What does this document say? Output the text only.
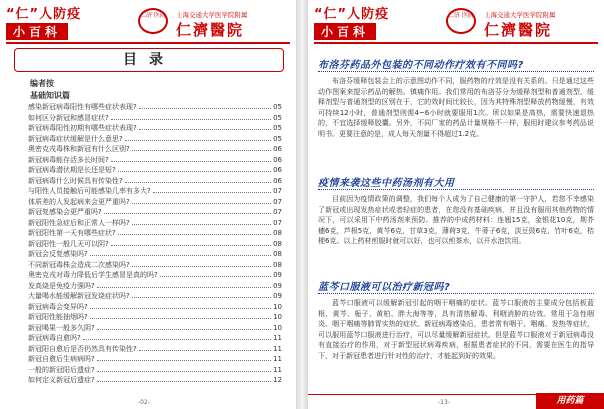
“仁”人防疫
小百科
仁济 医院	上海交通大学医学院附属
仁濟醫院
目录
编者按
基础知识篇
感染新冠病毒阳性有哪些症状表现?	05
如何区分新冠和感冒症状?	05
新冠病毒阳性初期有哪些症状表现?	05
新冠病毒症状缓解是什么意思?	05
奥密克戎毒株和新冠有什么区别?	06
新冠病毒能存活多长时间?	06
新冠病毒潜伏期是长还是短?	06
新冠病毒什么时候具有传染性?	06
与阳性人员接触后可能感染几率有多大?	07
体质差的人发起病来会更严重吗?	07
新冠复感染会更严重吗?	07
新冠阳性急症后和正常人一样吗?	07
新冠阳性第一天有哪些症状?	08
新冠阳性一般几天可以阴?	08
新冠会反复感染吗?	08
不同新冠毒株会造成二次感染吗?	08
奥密克戎对毒力降低后学生感冒是真的吗?	09
发高烧是免疫力强吗?	09
大量喝水能缓解新冠发烧症状吗?	09
新冠病毒会变异吗?	10
新冠阳性能抽烟吗?	10
新冠喝果一般多久阴?	10
新冠病毒自愈吗?	11
新冠阳自愈后是否仍然具有传染性?	11
新冠自愈后生病病吗?	11
一般的新冠阳后遗症?	11
如何定义新冠后遗症?	12
-02-
“仁”人防疫
小百科
仁济 医院	上海交通大学医学院附属
仁濟醫院
布洛芬药品外包装的不同动作疗效有不同吗?

布洛芬缓释包装会上的示意图动作不同，服药物的疗效是没有关系的。只是通过这些动作图案来提示药品的解热、镇痛作用。我们常用的布洛芬分为缓释剂型和普通剂型，缓释剂型与普通剂型的区别在于，它的效时间比较长，因为其特殊剂型释放药物缓慢，有效可持续12小时，普通剂型则需4~6小时就要服用1次。所以如果是高热，需要快速退热的，不宜选择缓释胶囊。另外，不同厂家的药品计量规格不一样，服用时建议参考药品说明书。更要注意的是，成人每天剂量不得超过1.2克。

疫情来袭这些中药汤剂有大用

目前因为疫情政策的调整，我们每个人成为了自己健康的第一守护人，若您不幸感染了新冠或出现发热症状或者轻症的患者，在您没有基础疾病，并且没有服用其他药物的情况下，可以采用下中药汤剂来预防。推荐的中成药材料：连翘15克，金银花10克，荆芥穗6克，芦根5克，黄芩6克，甘草3克，薄荷3克，牛蒡子6克，淡豆豉6克，竹叶6克，桔梗6克。以上药材煎服时就可以好，也可以煎茶水，以开水泡饮用。

蓝芩口服液可以治疗新冠吗?

蓝芩口服液可以缓解新冠引起的咽干咽痛的症状。蓝芩口服液的主要成分包括板蓝根、黄芩、栀子、黄柏、胖大海等等，具有清热解毒、利咽消肿的功效。常用于急性咽炎、咽干咽痛等肺胃实热的症状。新冠病毒感染后，患者常有咽干、咽痛、发热等症状，可以服用蓝芩口服液进行治疗，可以尽量缓解新冠症状。但是蓝芩口服液对于新冠病毒没有直接治疗的作用，对于新型冠状病毒疾病，根据患者症状的不同，需要在医生的指导下，对于新冠患者进行针对性的治疗，才能起到好的效果。

-13-	用药篇
